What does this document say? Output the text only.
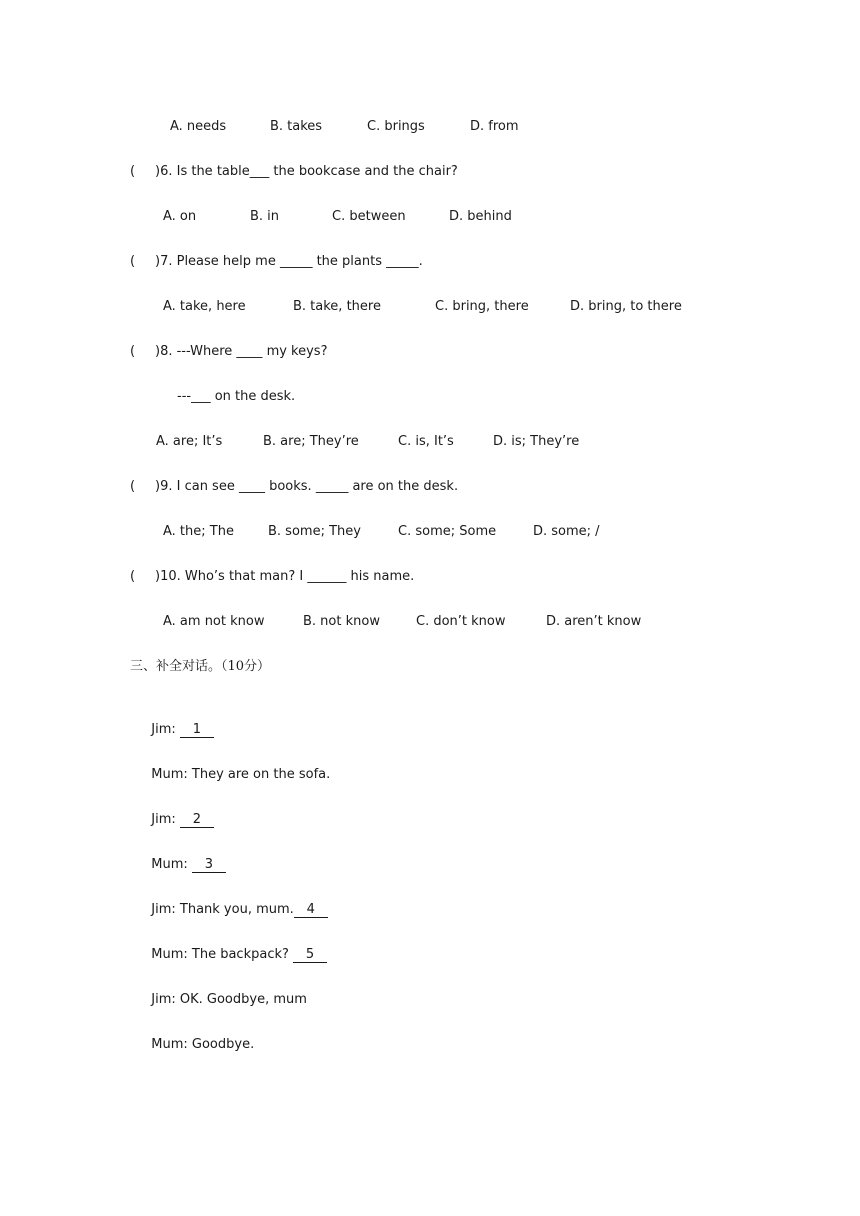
A. needs	B. takes	C. brings	D. from
( )6. Is the table___ the bookcase and the chair?
A. on	B. in	C. between	D. behind
( )7. Please help me _____ the plants _____.
A. take, here	B. take, there	C. bring, there	D. bring, to there
( )8. ---Where ____ my keys?
---___ on the desk.
A. are; It’s	B. are; They’re	C. is, It’s	D. is; They’re
( )9. I can see ____ books. _____ are on the desk.
A. the; The	B. some; They	C. some; Some	D. some; /
( )10. Who’s that man? I ______ his name.
A. am not know	B. not know	C. don’t know	D. aren’t know
三、补全对话。（10分）

Jim: 1

Mum: They are on the sofa.

Jim: 2

Mum: 3

Jim: Thank you, mum. 4

Mum: The backpack? 5

Jim: OK. Goodbye, mum

Mum: Goodbye.
